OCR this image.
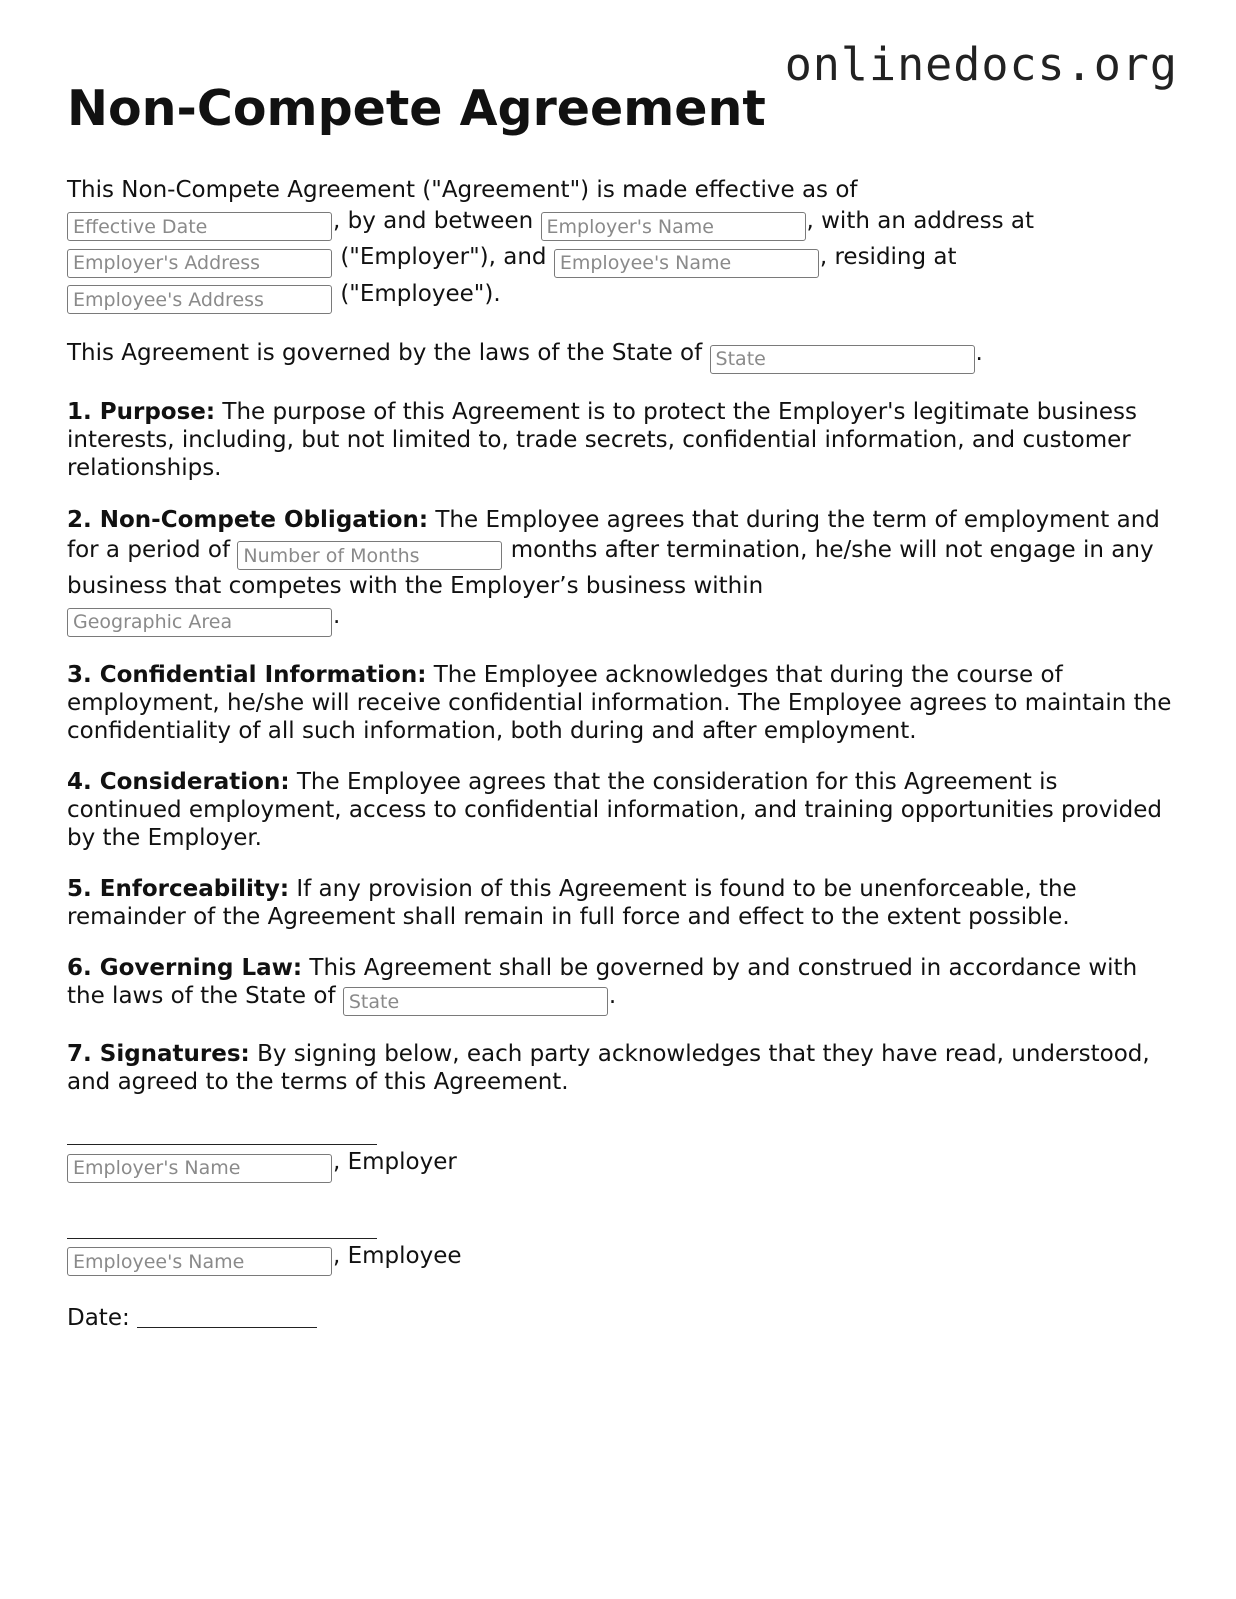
onlinedocs.org
Non-Compete Agreement

This Non-Compete Agreement ("Agreement") is made effective as of
Effective Date, by and between Employer's Name	, with an address at
Employer's Address ("Employer"), and Employee's Name	, residing at
Employee's Address ("Employee").

This Agreement is governed by the laws of the State of State	.

1. Purpose: The purpose of this Agreement is to protect the Employer's legitimate business interests, including, but not limited to, trade secrets, confidential information, and customer relationships.

2. Non-Compete Obligation: The Employee agrees that during the term of employment and for a period of Number of Months	months after termination, he/she will not engage in any business that competes with the Employer’s business within
Geographic Area.

3. Confidential Information: The Employee acknowledges that during the course of employment, he/she will receive confidential information. The Employee agrees to maintain the confidentiality of all such information, both during and after employment.

4. Consideration: The Employee agrees that the consideration for this Agreement is continued employment, access to confidential information, and training opportunities provided by the Employer.

5. Enforceability: If any provision of this Agreement is found to be unenforceable, the remainder of the Agreement shall remain in full force and effect to the extent possible.

6. Governing Law: This Agreement shall be governed by and construed in accordance with the laws of the State of State	.

7. Signatures: By signing below, each party acknowledges that they have read, understood, and agreed to the terms of this Agreement.

Employer's Name, Employer
Employee's Name, Employee
Date:
